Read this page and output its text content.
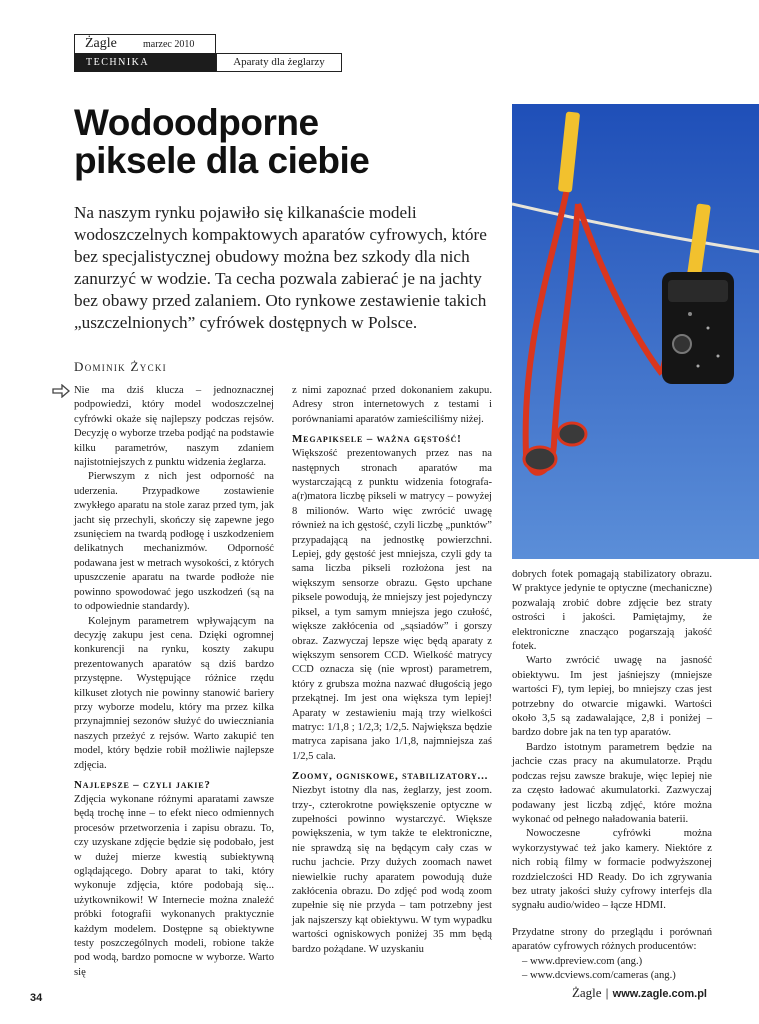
Żagle	marzec 2010
TECHNIKA	Aparaty dla żeglarzy
Wodoodporne
piksele dla ciebie

Na naszym rynku pojawiło się kilkanaście modeli wodoszczelnych kompaktowych aparatów cyfrowych, które bez specjalistycznej obudowy można bez szkody dla nich zanurzyć w wodzie. Ta cecha pozwala zabierać je na jachty bez obawy przed zalaniem. Oto rynkowe zestawienie takich „uszczelnionych” cyfrówek dostępnych w Polsce.

Dominik Życki

Nie ma dziś klucza – jednoznacznej podpowiedzi, który model wodoszczelnej cyfrówki okaże się najlepszy podczas rejsów. Decyzję o wyborze trzeba podjąć na podstawie kilku parametrów, naszym zdaniem najistotniejszych z punktu widzenia żeglarza.

Pierwszym z nich jest odporność na uderzenia. Przypadkowe zostawienie zwykłego aparatu na stole zaraz przed tym, jak jacht się przechyli, skończy się zapewne jego zsunięciem na twardą podłogę i uszkodzeniem delikatnych mechanizmów. Odporność podawana jest w metrach wysokości, z których upuszczenie aparatu na twarde podłoże nie powinno spowodować jego uszkodzeń (są na to odpowiednie standardy).

Kolejnym parametrem wpływającym na decyzję zakupu jest cena. Dzięki ogromnej konkurencji na rynku, koszty zakupu prezentowanych aparatów są dziś bardzo przystępne. Występujące różnice rzędu kilkuset złotych nie powinny stanowić bariery przy wyborze modelu, który ma przez kilka przynajmniej sezonów służyć do uwieczniania naszych przeżyć z rejsów. Warto zakupić ten model, który będzie robił możliwie najlepsze zdjęcia.

Najlepsze – czyli jakie?

Zdjęcia wykonane różnymi aparatami zawsze będą trochę inne – to efekt nieco odmiennych procesów przetworzenia i zapisu obrazu. To, czy uzyskane zdjęcie będzie się podobało, jest w dużej mierze kwestią subiektywną oglądającego. Dobry aparat to taki, który wykonuje zdjęcia, które podobają się... użytkownikowi! W Internecie można znaleźć próbki fotografii wykonanych praktycznie każdym modelem. Dostępne są obiektywne testy poszczególnych modeli, robione także pod wodą, bardzo pomocne w wyborze. Warto się

z nimi zapoznać przed dokonaniem zakupu. Adresy stron internetowych z testami i porównaniami aparatów zamieściliśmy niżej.

Megapiksele – ważna gęstość!

Większość prezentowanych przez nas na następnych stronach aparatów ma wystarczającą z punktu widzenia fotografa-a(r)matora liczbę pikseli w matrycy – powyżej 8 milionów. Warto więc zwrócić uwagę również na ich gęstość, czyli liczbę „punktów” przypadającą na jednostkę powierzchni. Lepiej, gdy gęstość jest mniejsza, czyli gdy ta sama liczba pikseli rozłożona jest na większym sensorze obrazu. Gęsto upchane piksele powodują, że mniejszy jest pojedynczy piksel, a tym samym mniejsza jego czułość, większe zakłócenia od „sąsiadów” i gorszy obraz. Zazwyczaj lepsze więc będą aparaty z większym sensorem CCD. Wielkość matrycy CCD oznacza się (nie wprost) parametrem, który z grubsza można nazwać długością jego przekątnej. Im jest ona większa tym lepiej! Aparaty w zestawieniu mają trzy wielkości matryc: 1/1,8 ; 1/2,3; 1/2,5. Największa będzie matryca zapisana jako 1/1,8, najmniejsza zaś 1/2,5 cala.

Zoomy, ogniskowe, stabilizatory...

Niezbyt istotny dla nas, żeglarzy, jest zoom. trzy-, czterokrotne powiększenie optyczne w zupełności powinno wystarczyć. Większe powiększenia, w tym także te elektroniczne, nie sprawdzą się na będącym cały czas w ruchu jachcie. Przy dużych zoomach nawet niewielkie ruchy aparatem powodują duże zakłócenia obrazu. Do zdjęć pod wodą zoom zupełnie się nie przyda – tam potrzebny jest jak najszerszy kąt obiektywu. W tym wypadku wartości ogniskowych poniżej 35 mm będą bardzo pożądane. W uzyskaniu

dobrych fotek pomagają stabilizatory obrazu. W praktyce jedynie te optyczne (mechaniczne) pozwalają zrobić dobre zdjęcie bez straty ostrości i jakości. Pamiętajmy, że elektroniczne znacząco pogarszają jakość fotek.

Warto zwrócić uwagę na jasność obiektywu. Im jest jaśniejszy (mniejsze wartości F), tym lepiej, bo mniejszy czas jest potrzebny do otwarcie migawki. Wartości około 3,5 są zadawalające, 2,8 i poniżej – bardzo dobre jak na ten typ aparatów.

Bardzo istotnym parametrem będzie na jachcie czas pracy na akumulatorze. Prądu podczas rejsu zawsze brakuje, więc lepiej nie za często ładować akumulatorki. Zazwyczaj podawany jest liczbą zdjęć, które można wykonać od pełnego naładowania baterii.

Nowoczesne cyfrówki można wykorzystywać też jako kamery. Niektóre z nich robią filmy w formacie podwyższonej rozdzielczości HD Ready. Do ich zgrywania bez utraty jakości służy cyfrowy interfejs dla sygnału audio/wideo – łącze HDMI.

Przydatne strony do przeglądu i porównań aparatów cyfrowych różnych producentów:

– www.dpreview.com (ang.)
– www.dcviews.com/cameras (ang.)
34	Żagle | www.zagle.com.pl
